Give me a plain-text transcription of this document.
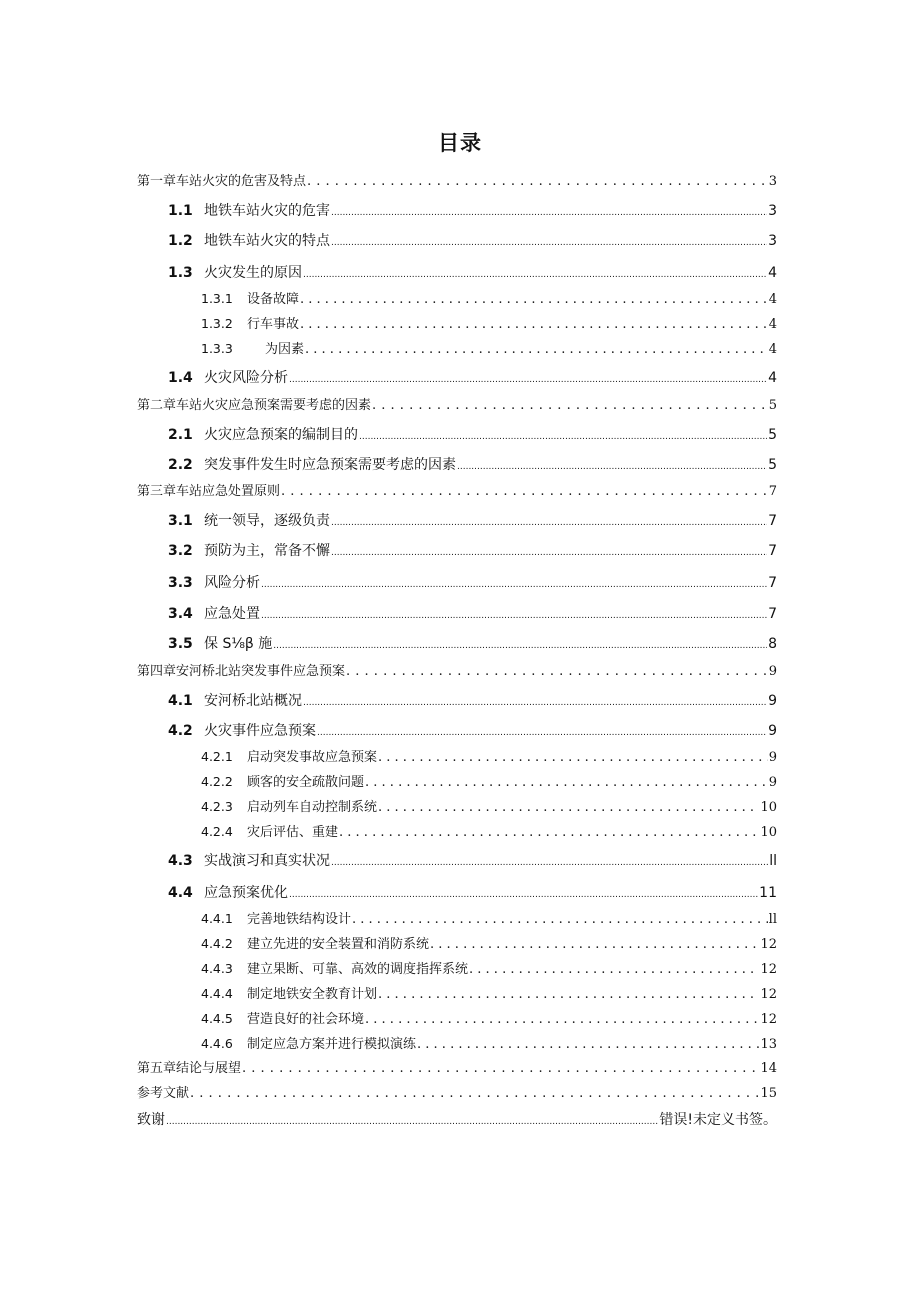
目录
第一章车站火灾的危害及特点 . . .	3
1.1 地铁车站火灾的危害 .....	3
1.2 地铁车站火灾的特点 .....	3
1.3 火灾发生的原因 .....	4
1.3.1	设备故障 . . .	4
1.3.2	行车事故 . . .	4
1.3.3	为因素 . . .	4
1.4 火灾风险分析 .....	4
第二章车站火灾应急预案需要考虑的因素 . . .	5
2.1 火灾应急预案的编制目的 .....	5
2.2 突发事件发生时应急预案需要考虑的因素 .....	5
第三章车站应急处置原则 . . .	7
3.1 统一领导，逐级负责 .....	7
3.2 预防为主，常备不懈 .....	7
3.3 风险分析 .....	7
3.4 应急处置 .....	7
3.5 保 S⅛β 施 .....	8
第四章安河桥北站突发事件应急预案 . . .	9
4.1 安河桥北站概况 .....	9
4.2 火灾事件应急预案 .....	9
4.2.1	启动突发事故应急预案 . . .	9
4.2.2	顾客的安全疏散问题 . . .	9
4.2.3	启动列车自动控制系统 . . .	10
4.2.4	灾后评估、重建 . . .	10
4.3 实战演习和真实状况 .....	ll
4.4 应急预案优化 .....	11
4.4.1	完善地铁结构设计 . . .	ll
4.4.2	建立先进的安全装置和消防系统 . . .	12
4.4.3	建立果断、可靠、高效的调度指挥系统 . . .	12
4.4.4	制定地铁安全教育计划 . . .	12
4.4.5	营造良好的社会环境 . . .	12
4.4.6	制定应急方案并进行模拟演练 . . .	13
第五章结论与展望 . . .	14
参考文献 . . .	15
致谢 .....	错误!未定义书签。
